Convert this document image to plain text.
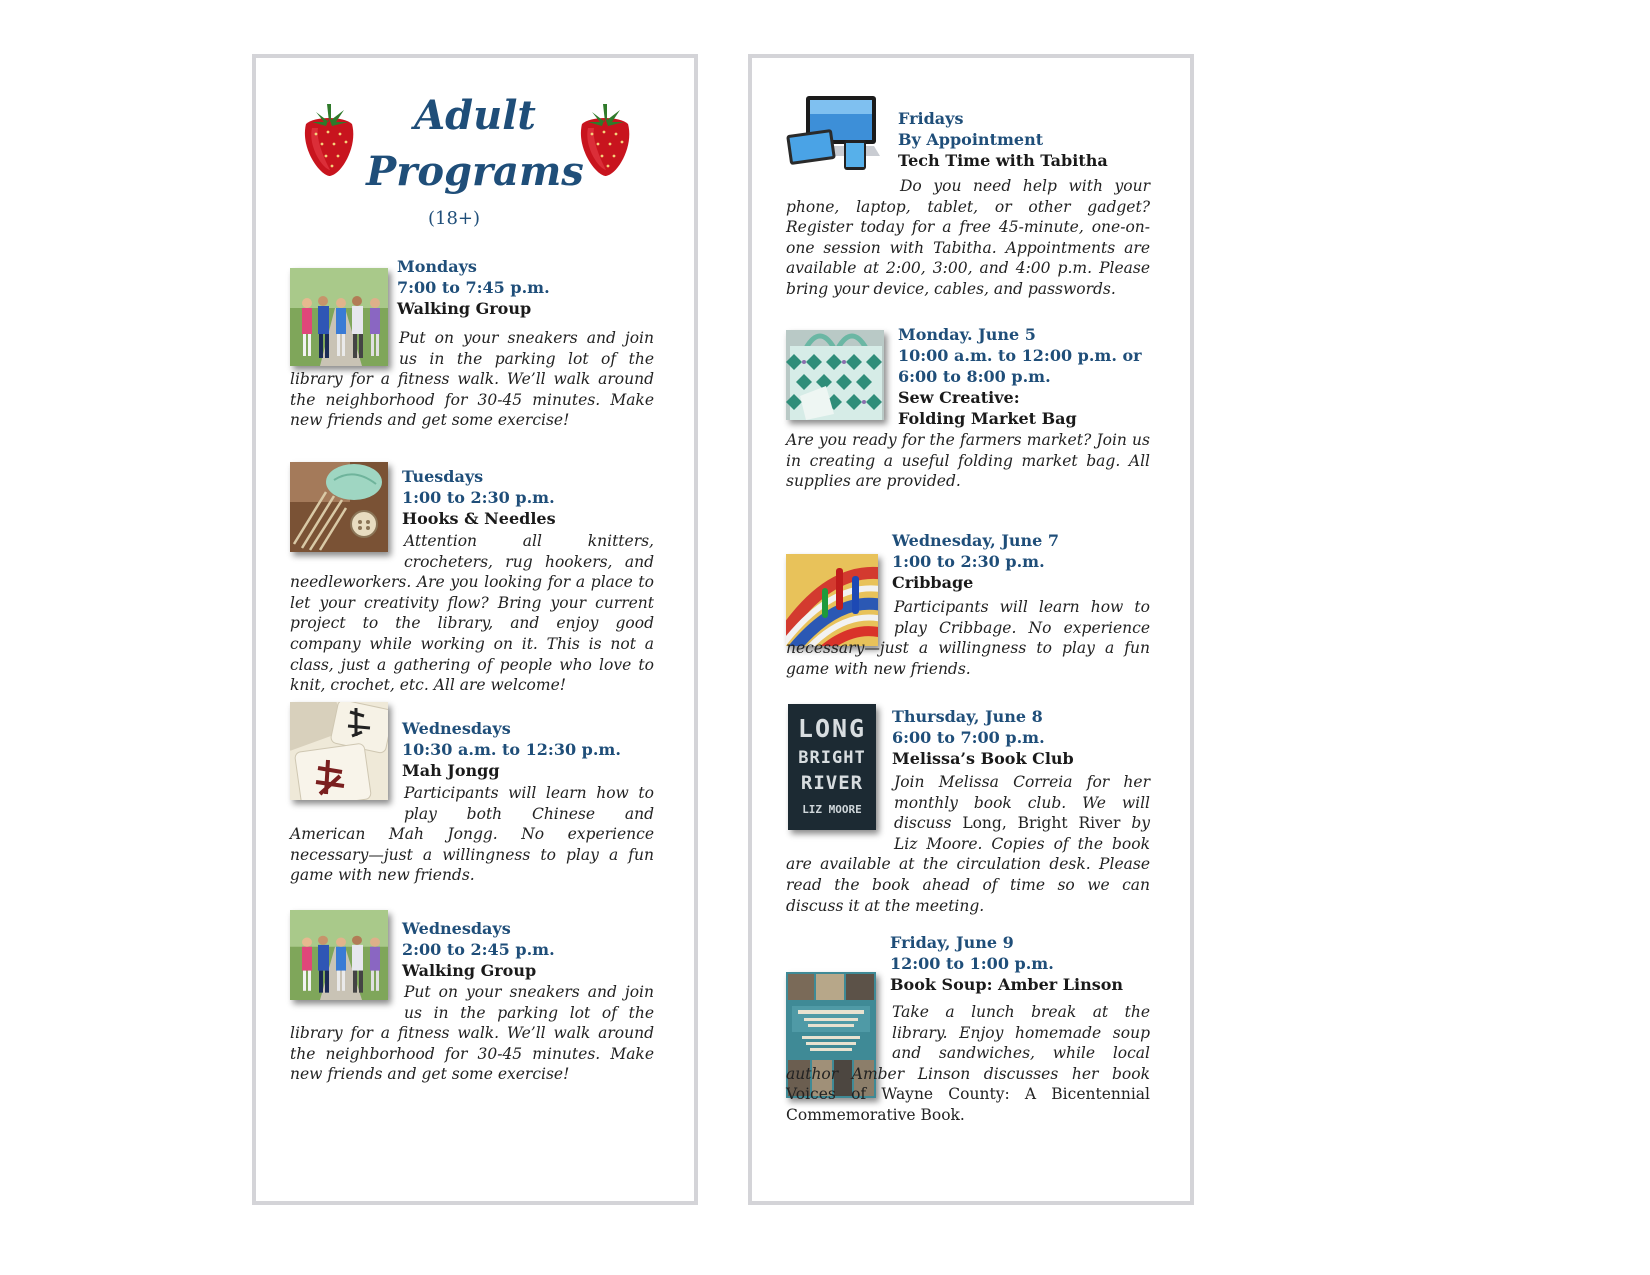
Adult
Programs
(18+)
Mondays
7:00 to 7:45 p.m.
Walking Group
Put on your sneakers and join us in the parking lot of the library for a fitness walk. We’ll walk around the neighborhood for 30-45 minutes. Make new friends and get some exercise!
Tuesdays
1:00 to 2:30 p.m.
Hooks & Needles
Attention all knitters, crocheters, rug hookers, and needleworkers. Are you looking for a place to let your creativity flow? Bring your current project to the library, and enjoy good company while working on it. This is not a class, just a gathering of people who love to knit, crochet, etc. All are welcome!
Wednesdays
10:30 a.m. to 12:30 p.m.
Mah Jongg
Participants will learn how to play both Chinese and American Mah Jongg. No experience necessary—just a willingness to play a fun game with new friends.
Wednesdays
2:00 to 2:45 p.m.
Walking Group
Put on your sneakers and join us in the parking lot of the library for a fitness walk. We’ll walk around the neighborhood for 30-45 minutes. Make new friends and get some exercise!
Fridays
By Appointment
Tech Time with Tabitha
Do you need help with your phone, laptop, tablet, or other gadget? Register today for a free 45-minute, one-on-one session with Tabitha. Appointments are available at 2:00, 3:00, and 4:00 p.m. Please bring your device, cables, and passwords.
Monday. June 5
10:00 a.m. to 12:00 p.m. or
6:00 to 8:00 p.m.
Sew Creative:
Folding Market Bag
Are you ready for the farmers market? Join us in creating a useful folding market bag. All supplies are provided.
Wednesday, June 7
1:00 to 2:30 p.m.
Cribbage
Participants will learn how to play Cribbage. No experience necessary—just a willingness to play a fun game with new friends.
LONG
BRIGHT
RIVER
LIZ MOORE
Thursday, June 8
6:00 to 7:00 p.m.
Melissa’s Book Club
Join Melissa Correia for her monthly book club. We will discuss Long, Bright River by Liz Moore. Copies of the book are available at the circulation desk. Please read the book ahead of time so we can discuss it at the meeting.
Friday, June 9
12:00 to 1:00 p.m.
Book Soup: Amber Linson
Take a lunch break at the library. Enjoy homemade soup and sandwiches, while local author Amber Linson discusses her book Voices of Wayne County: A Bicentennial Commemorative Book.
